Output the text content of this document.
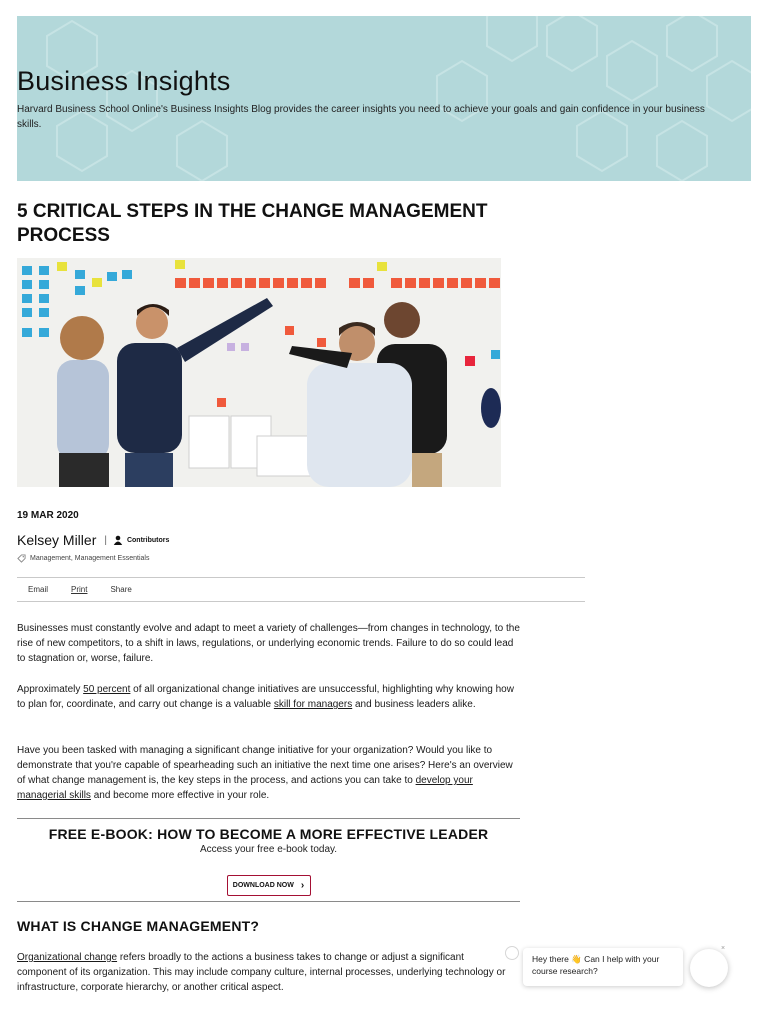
Business Insights
Harvard Business School Online's Business Insights Blog provides the career insights you need to achieve your goals and gain confidence in your business skills.
5 CRITICAL STEPS IN THE CHANGE MANAGEMENT PROCESS
19 MAR 2020
Kelsey Miller |	Contributors
Management, Management Essentials
Email	Print	Share

Businesses must constantly evolve and adapt to meet a variety of challenges—from changes in technology, to the rise of new competitors, to a shift in laws, regulations, or underlying economic trends. Failure to do so could lead to stagnation or, worse, failure.

Approximately 50 percent of all organizational change initiatives are unsuccessful, highlighting why knowing how to plan for, coordinate, and carry out change is a valuable skill for managers and business leaders alike.

Have you been tasked with managing a significant change initiative for your organization? Would you like to demonstrate that you're capable of spearheading such an initiative the next time one arises? Here's an overview of what change management is, the key steps in the process, and actions you can take to develop your managerial skills and become more effective in your role.

FREE E-BOOK: HOW TO BECOME A MORE EFFECTIVE LEADER
Access your free e-book today.
DOWNLOAD NOW ›
WHAT IS CHANGE MANAGEMENT?

Organizational change refers broadly to the actions a business takes to change or adjust a significant component of its organization. This may include company culture, internal processes, underlying technology or infrastructure, corporate hierarchy, or another critical aspect.

Hey there 👋 Can I help with your course research?
×
